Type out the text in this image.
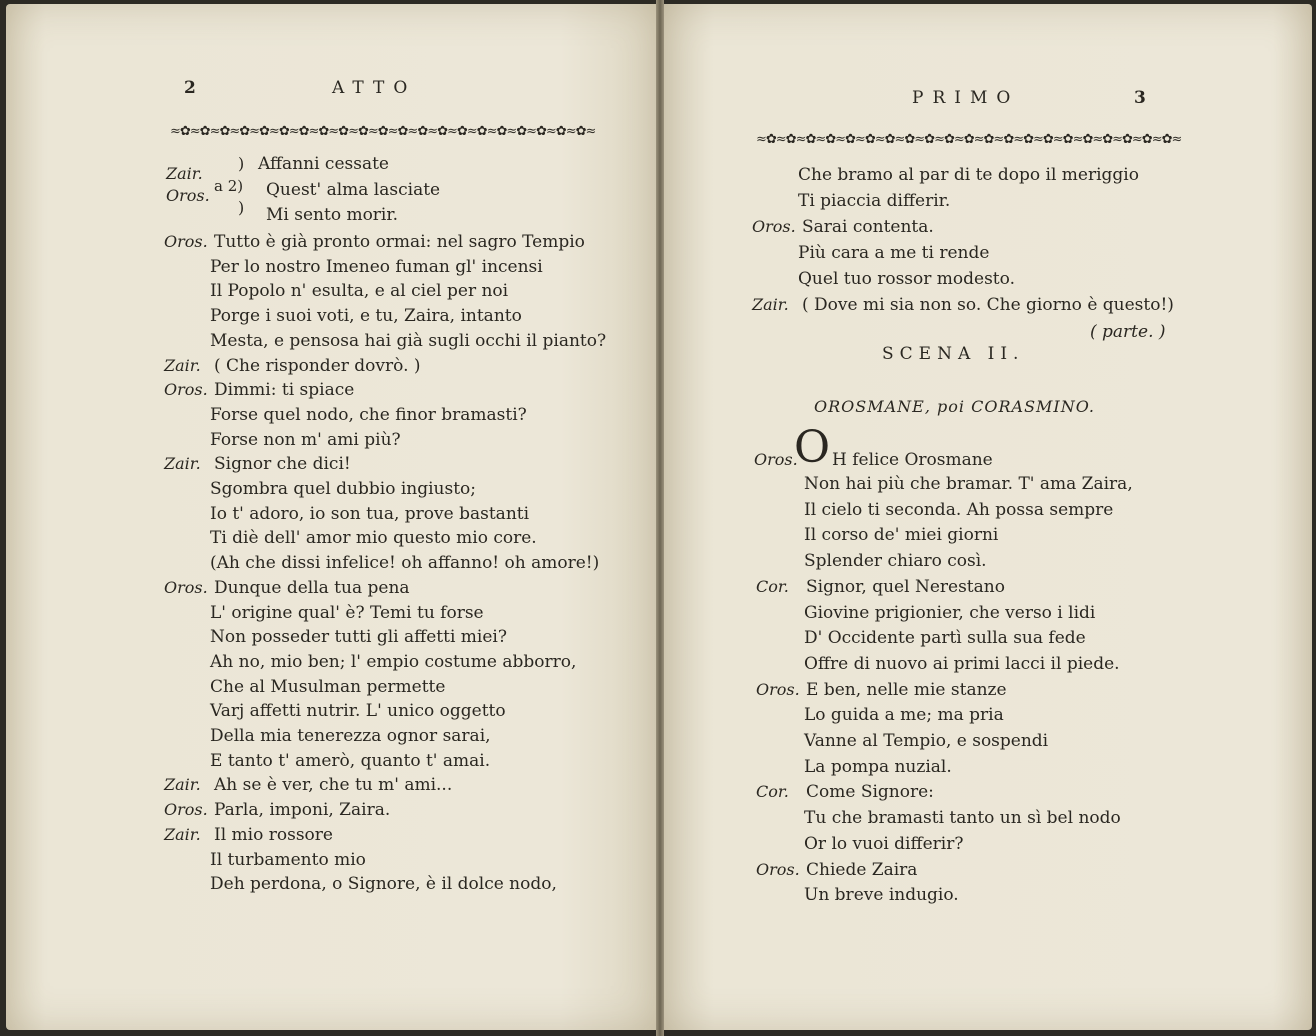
2	ATTO
≈✿≈✿≈✿≈✿≈✿≈✿≈✿≈✿≈✿≈✿≈✿≈✿≈✿≈✿≈✿≈✿≈✿≈✿≈✿≈✿≈✿≈
Zair.
Oros. a 2)
)
)
Affanni cessate
Quest' alma lasciate
Mi sento morir.
Oros. Tutto è già pronto ormai: nel sagro Tempio
Per lo nostro Imeneo fuman gl' incensi
Il Popolo n' esulta, e al ciel per noi
Porge i suoi voti, e tu, Zaira, intanto
Mesta, e pensosa hai già sugli occhi il pianto?
Zair. ( Che risponder dovrò. )
Oros. Dimmi: ti spiace
Forse quel nodo, che finor bramasti?
Forse non m' ami più?
Zair. Signor che dici!
Sgombra quel dubbio ingiusto;
Io t' adoro, io son tua, prove bastanti
Ti diè dell' amor mio questo mio core.
(Ah che dissi infelice! oh affanno! oh amore!)
Oros. Dunque della tua pena
L' origine qual' è? Temi tu forse
Non posseder tutti gli affetti miei?
Ah no, mio ben; l' empio costume abborro,
Che al Musulman permette
Varj affetti nutrir. L' unico oggetto
Della mia tenerezza ognor sarai,
E tanto t' amerò, quanto t' amai.
Zair. Ah se è ver, che tu m' ami...
Oros. Parla, imponi, Zaira.
Zair. Il mio rossore
Il turbamento mio
Deh perdona, o Signore, è il dolce nodo,
PRIMO	3
≈✿≈✿≈✿≈✿≈✿≈✿≈✿≈✿≈✿≈✿≈✿≈✿≈✿≈✿≈✿≈✿≈✿≈✿≈✿≈✿≈✿≈
Che bramo al par di te dopo il meriggio
Ti piaccia differir.
Oros. Sarai contenta.
Più cara a me ti rende
Quel tuo rossor modesto.
Zair. ( Dove mi sia non so. Che giorno è questo!)
( parte. )
SCENA II.
OROSMANE, poi CORASMINO.
Oros.
O H felice Orosmane
Non hai più che bramar. T' ama Zaira,
Il cielo ti seconda. Ah possa sempre
Il corso de' miei giorni
Splender chiaro così.
Cor. Signor, quel Nerestano
Giovine prigionier, che verso i lidi
D' Occidente partì sulla sua fede
Offre di nuovo ai primi lacci il piede.
Oros. E ben, nelle mie stanze
Lo guida a me; ma pria
Vanne al Tempio, e sospendi
La pompa nuzial.
Cor. Come Signore:
Tu che bramasti tanto un sì bel nodo
Or lo vuoi differir?
Oros. Chiede Zaira
Un breve indugio.
